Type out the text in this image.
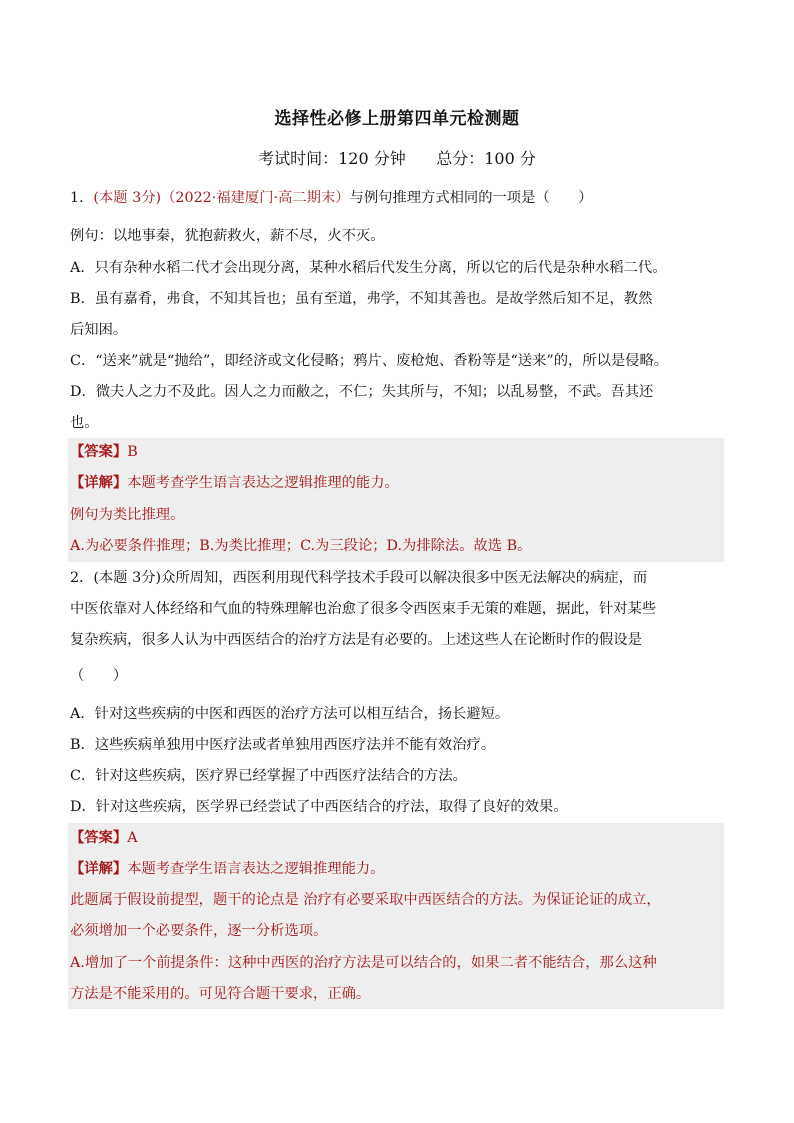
选择性必修上册第四单元检测题
考试时间：120 分钟      总分：100 分
1．(本题 3分)（2022·福建厦门·高二期末）与例句推理方式相同的一项是（　　）
例句：以地事秦，犹抱薪救火，薪不尽，火不灭。
A．只有杂种水稻二代才会出现分离，某种水稻后代发生分离，所以它的后代是杂种水稻二代。
B．虽有嘉肴，弗食，不知其旨也；虽有至道，弗学，不知其善也。是故学然后知不足，教然
后知困。
C．“送来”就是“抛给”，即经济或文化侵略；鸦片、废枪炮、香粉等是“送来”的，所以是侵略。
D．微夫人之力不及此。因人之力而敝之，不仁；失其所与，不知；以乱易整，不武。吾其还
也。
【答案】B
【详解】本题考查学生语言表达之逻辑推理的能力。
例句为类比推理。
A.为必要条件推理；B.为类比推理；C.为三段论；D.为排除法。故选 B。
2．(本题 3分)众所周知，西医利用现代科学技术手段可以解决很多中医无法解决的病症，而
中医依靠对人体经络和气血的特殊理解也治愈了很多令西医束手无策的难题，据此，针对某些
复杂疾病，很多人认为中西医结合的治疗方法是有必要的。上述这些人在论断时作的假设是
（　　）
A．针对这些疾病的中医和西医的治疗方法可以相互结合，扬长避短。
B．这些疾病单独用中医疗法或者单独用西医疗法并不能有效治疗。
C．针对这些疾病，医疗界已经掌握了中西医疗法结合的方法。
D．针对这些疾病，医学界已经尝试了中西医结合的疗法，取得了良好的效果。
【答案】A
【详解】本题考查学生语言表达之逻辑推理能力。
此题属于假设前提型，题干的论点是 治疗有必要采取中西医结合的方法。为保证论证的成立，
必须增加一个必要条件，逐一分析选项。
A.增加了一个前提条件：这种中西医的治疗方法是可以结合的，如果二者不能结合，那么这种
方法是不能采用的。可见符合题干要求，正确。
